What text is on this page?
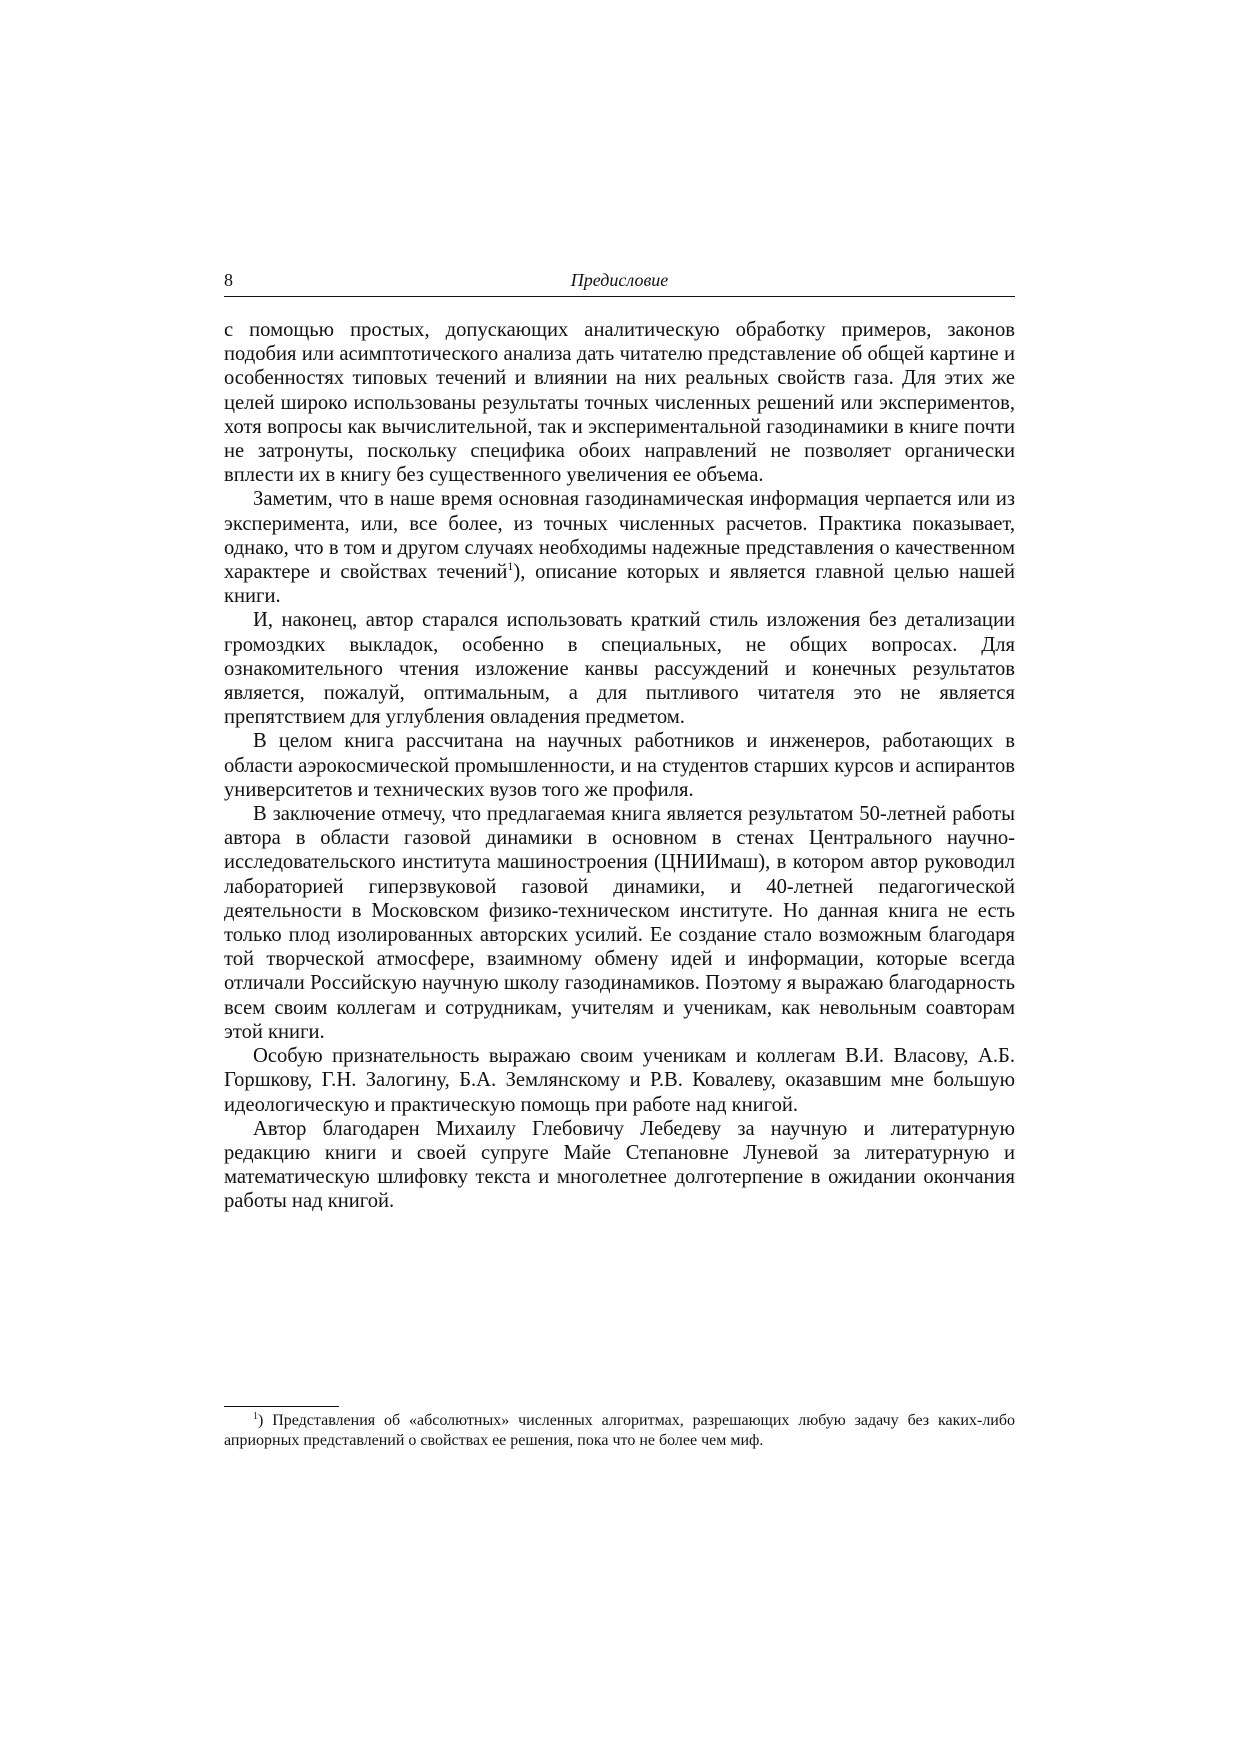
8	Предисловие

с помощью простых, допускающих аналитическую обработку примеров, законов подобия или асимптотического анализа дать читателю представление об общей картине и особенностях типовых течений и влиянии на них реальных свойств газа. Для этих же целей широко использованы результаты точных численных решений или экспериментов, хотя вопросы как вычислительной, так и экспериментальной газодинамики в книге почти не затронуты, поскольку специфика обоих направлений не позволяет органически вплести их в книгу без существенного увеличения ее объема.

Заметим, что в наше время основная газодинамическая информация черпается или из эксперимента, или, все более, из точных численных расчетов. Практика показывает, однако, что в том и другом случаях необходимы надежные представления о качественном характере и свойствах течений$^1$), описание которых и является главной целью нашей книги.

И, наконец, автор старался использовать краткий стиль изложения без детализации громоздких выкладок, особенно в специальных, не общих вопросах. Для ознакомительного чтения изложение канвы рассуждений и конечных результатов является, пожалуй, оптимальным, а для пытливого читателя это не является препятствием для углубления овладения предметом.

В целом книга рассчитана на научных работников и инженеров, работающих в области аэрокосмической промышленности, и на студентов старших курсов и аспирантов университетов и технических вузов того же профиля.

В заключение отмечу, что предлагаемая книга является результатом 50-летней работы автора в области газовой динамики в основном в стенах Центрального научно-исследовательского института машиностроения (ЦНИИмаш), в котором автор руководил лабораторией гиперзвуковой газовой динамики, и 40-летней педагогической деятельности в Московском физико-техническом институте. Но данная книга не есть только плод изолированных авторских усилий. Ее создание стало возможным благодаря той творческой атмосфере, взаимному обмену идей и информации, которые всегда отличали Российскую научную школу газодинамиков. Поэтому я выражаю благодарность всем своим коллегам и сотрудникам, учителям и ученикам, как невольным соавторам этой книги.

Особую признательность выражаю своим ученикам и коллегам В.И. Власову, А.Б. Горшкову, Г.Н. Залогину, Б.А. Землянскому и Р.В. Ковалеву, оказавшим мне большую идеологическую и практическую помощь при работе над книгой.

Автор благодарен Михаилу Глебовичу Лебедеву за научную и литературную редакцию книги и своей супруге Майе Степановне Луневой за литературную и математическую шлифовку текста и многолетнее долготерпение в ожидании окончания работы над книгой.

$^1$) Представления об «абсолютных» численных алгоритмах, разрешающих любую задачу без каких-либо априорных представлений о свойствах ее решения, пока что не более чем миф.
